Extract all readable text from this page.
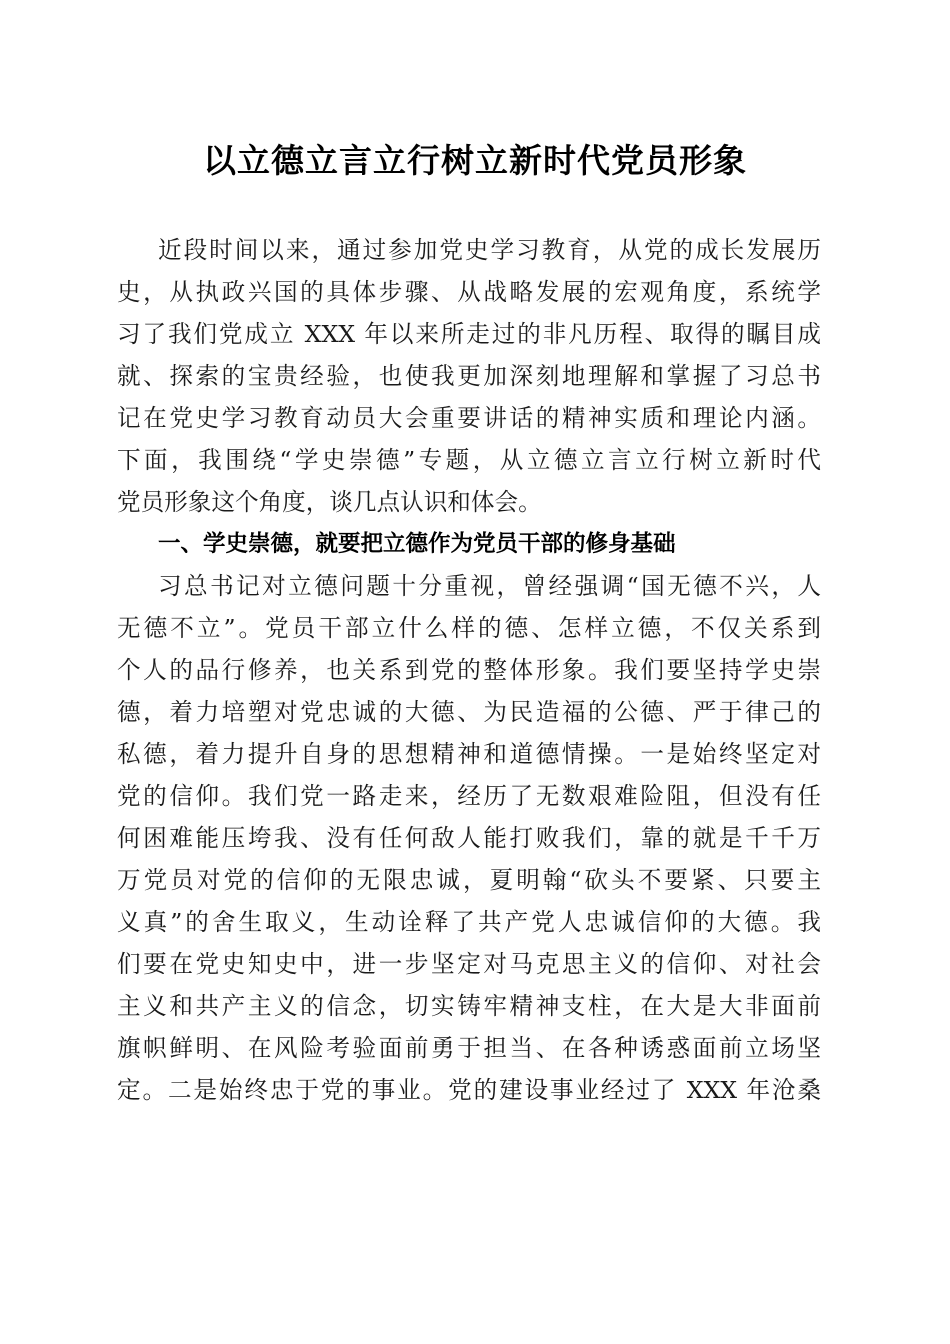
以立德立言立行树立新时代党员形象
近段时间以来，通过参加党史学习教育，从党的成长发展历
史，从执政兴国的具体步骤、从战略发展的宏观角度，系统学
习了我们党成立 XXX 年以来所走过的非凡历程、取得的瞩目成
就、探索的宝贵经验，也使我更加深刻地理解和掌握了习总书
记在党史学习教育动员大会重要讲话的精神实质和理论内涵。
下面，我围绕“学史崇德”专题，从立德立言立行树立新时代
党员形象这个角度，谈几点认识和体会。
一、学史崇德，就要把立德作为党员干部的修身基础
习总书记对立德问题十分重视，曾经强调“国无德不兴，人
无德不立”。党员干部立什么样的德、怎样立德，不仅关系到
个人的品行修养，也关系到党的整体形象。我们要坚持学史崇
德，着力培塑对党忠诚的大德、为民造福的公德、严于律己的
私德，着力提升自身的思想精神和道德情操。一是始终坚定对
党的信仰。我们党一路走来，经历了无数艰难险阻，但没有任
何困难能压垮我、没有任何敌人能打败我们，靠的就是千千万
万党员对党的信仰的无限忠诚，夏明翰“砍头不要紧、只要主
义真”的舍生取义，生动诠释了共产党人忠诚信仰的大德。我
们要在党史知史中，进一步坚定对马克思主义的信仰、对社会
主义和共产主义的信念，切实铸牢精神支柱，在大是大非面前
旗帜鲜明、在风险考验面前勇于担当、在各种诱惑面前立场坚
定。二是始终忠于党的事业。党的建设事业经过了 XXX 年沧桑
